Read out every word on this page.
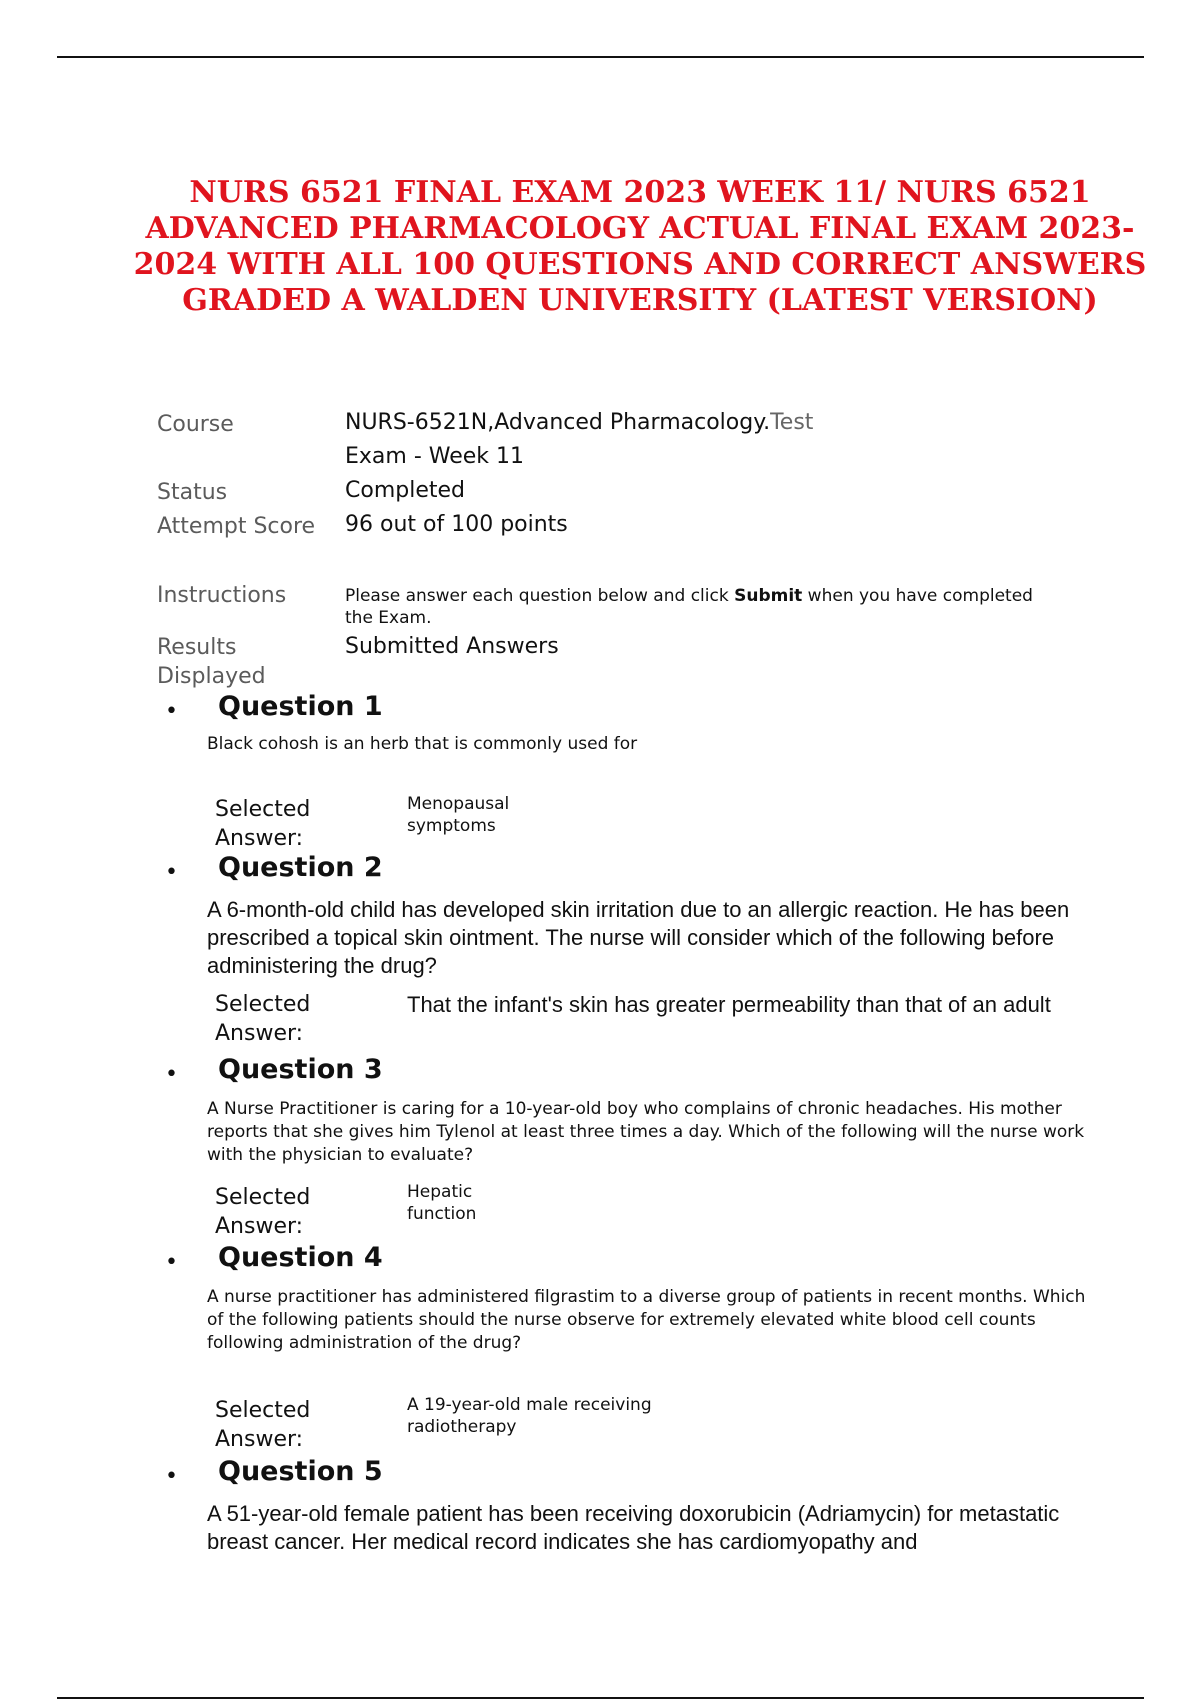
NURS 6521 FINAL EXAM 2023 WEEK 11/ NURS 6521 ADVANCED PHARMACOLOGY ACTUAL FINAL EXAM 2023-2024 WITH ALL 100 QUESTIONS AND CORRECT ANSWERS GRADED A WALDEN UNIVERSITY (LATEST VERSION)
Course	NURS-6521N,Advanced Pharmacology.Test
Exam - Week 11
Status	Completed
Attempt Score 96 out of 100 points
Instructions	Please answer each question below and click Submit when you have completed the Exam.
Results
Displayed
Submitted Answers
• Question 1
Black cohosh is an herb that is commonly used for
Selected
Answer:
Menopausal symptoms
• Question 2
A 6-month-old child has developed skin irritation due to an allergic reaction. He has been prescribed a topical skin ointment. The nurse will consider which of the following before administering the drug?
Selected
Answer:
That the infant's skin has greater permeability than that of an adult
• Question 3
A Nurse Practitioner is caring for a 10-year-old boy who complains of chronic headaches. His mother reports that she gives him Tylenol at least three times a day. Which of the following will the nurse work with the physician to evaluate?
Selected
Answer:
Hepatic function
• Question 4
A nurse practitioner has administered filgrastim to a diverse group of patients in recent months. Which of the following patients should the nurse observe for extremely elevated white blood cell counts following administration of the drug?
Selected
Answer:
A 19-year-old male receiving radiotherapy
• Question 5
A 51-year-old female patient has been receiving doxorubicin (Adriamycin) for metastatic breast cancer. Her medical record indicates she has cardiomyopathy and
